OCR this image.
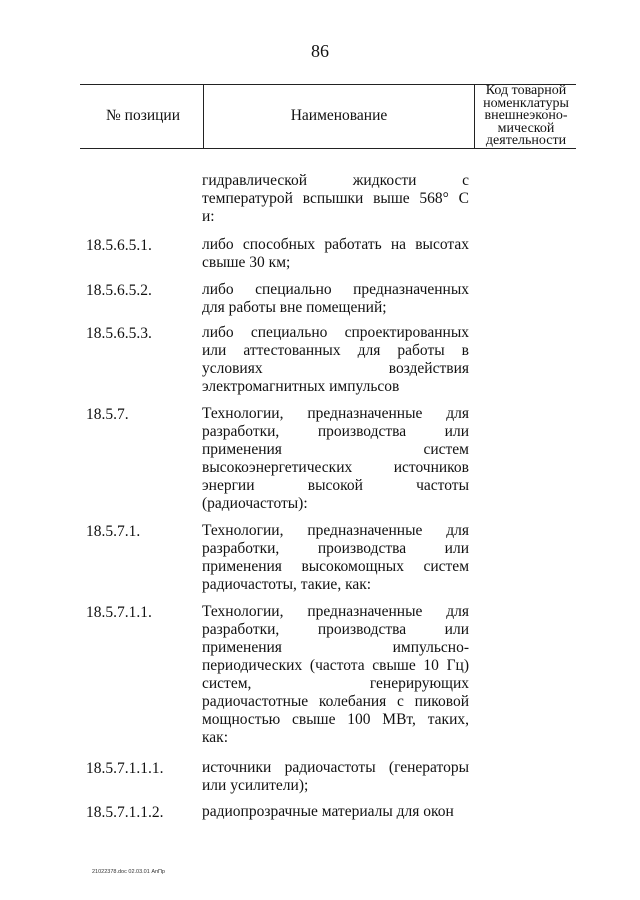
86
№ позиции	Наименование
Код товарной
номенклатуры
внешнеэконо-
мической
деятельности
гидравлической жидкости с
температурой вспышки выше 568° С
и:
18.5.6.5.1.	либо способных работать на высотах
свыше 30 км;
18.5.6.5.2.	либо специально предназначенных
для работы вне помещений;
18.5.6.5.3.	либо специально спроектированных
или аттестованных для работы в
условиях воздействия
электромагнитных импульсов
18.5.7.	Технологии, предназначенные для
разработки, производства или
применения систем
высокоэнергетических источников
энергии высокой частоты
(радиочастоты):
18.5.7.1.	Технологии, предназначенные для
разработки, производства или
применения высокомощных систем
радиочастоты, такие, как:
18.5.7.1.1.	Технологии, предназначенные для
разработки, производства или
применения импульсно-
периодических (частота свыше 10 Гц)
систем, генерирующих
радиочастотные колебания с пиковой
мощностью свыше 100 МВт, таких,
как:
18.5.7.1.1.1. источники радиочастоты (генераторы
или усилители);
18.5.7.1.1.2. радиопрозрачные материалы для окон
21022378.doc 02.03.01 АпПр
